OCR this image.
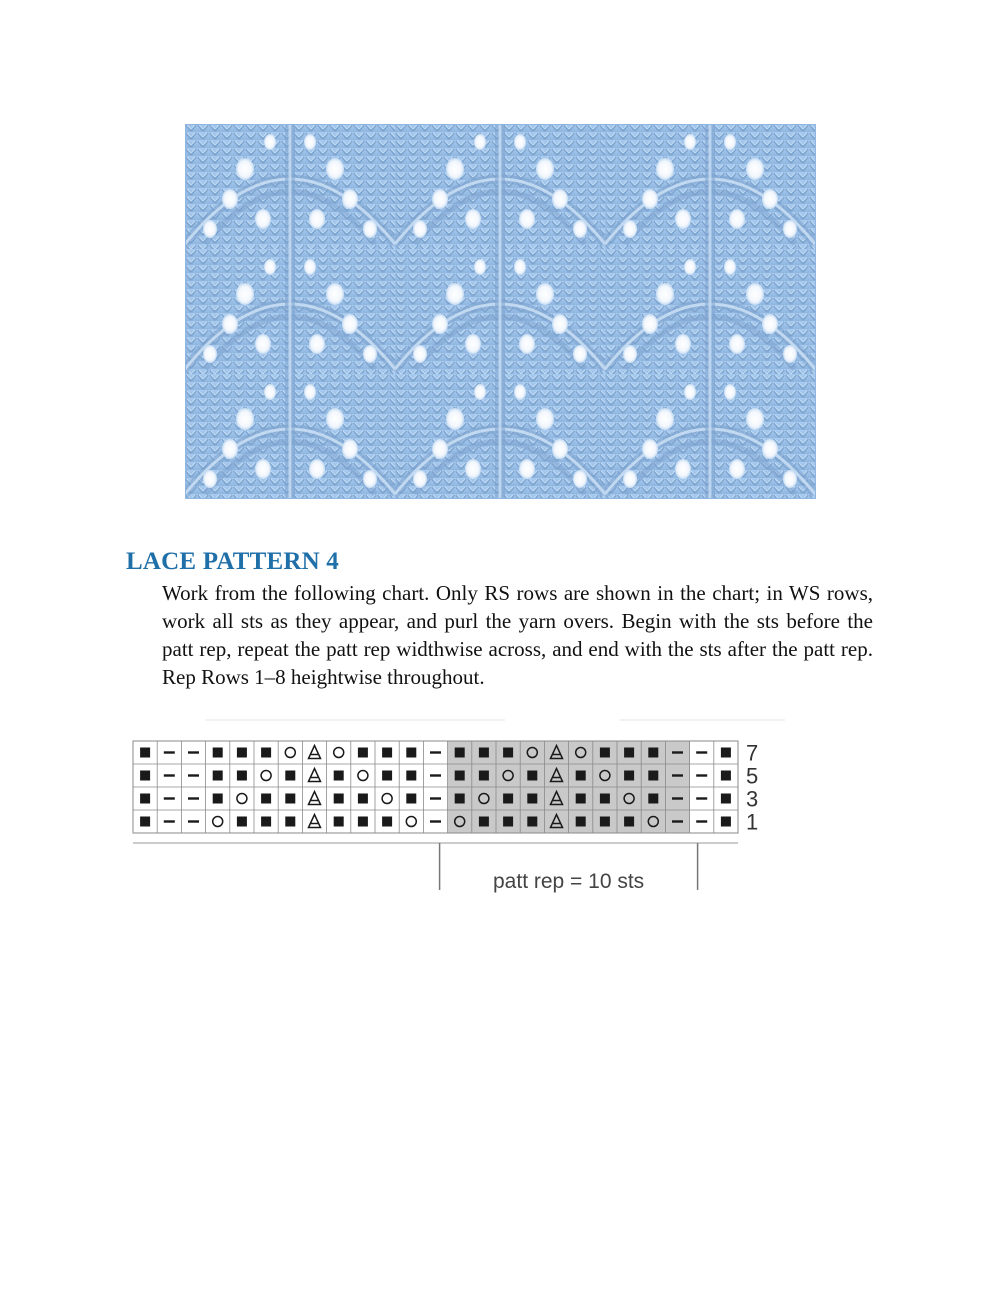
LACE PATTERN 4

Work from the following chart. Only RS rows are shown in the chart; in WS rows, work all sts as they appear, and purl the yarn overs. Begin with the sts before the patt rep, repeat the patt rep widthwise across, and end with the sts after the patt rep. Rep Rows 1–8 heightwise throughout.

7
5
3
1
patt rep = 10 sts
